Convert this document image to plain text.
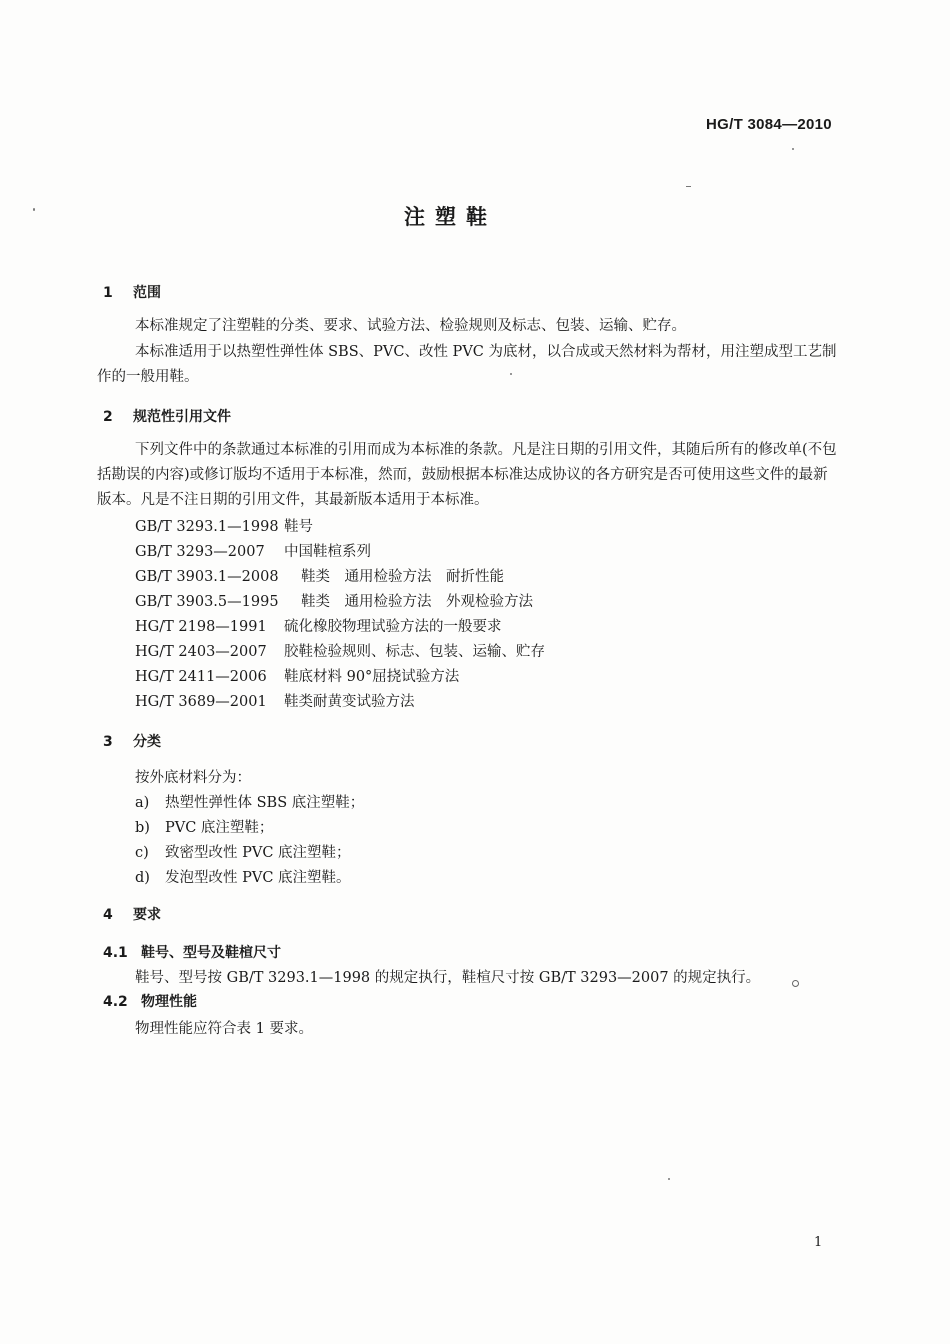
HG/T 3084—2010
注塑鞋
1 范围
本标准规定了注塑鞋的分类、要求、试验方法、检验规则及标志、包装、运输、贮存。
本标准适用于以热塑性弹性体 SBS、PVC、改性 PVC 为底材，以合成或天然材料为帮材，用注塑成型工艺制作的一般用鞋。
2 规范性引用文件
下列文件中的条款通过本标准的引用而成为本标准的条款。凡是注日期的引用文件，其随后所有的修改单(不包括勘误的内容)或修订版均不适用于本标准，然而，鼓励根据本标准达成协议的各方研究是否可使用这些文件的最新版本。凡是不注日期的引用文件，其最新版本适用于本标准。
GB/T 3293.1—1998 鞋号
GB/T 3293—2007 中国鞋楦系列
GB/T 3903.1—2008 鞋类　通用检验方法　耐折性能
GB/T 3903.5—1995 鞋类　通用检验方法　外观检验方法
HG/T 2198—1991 硫化橡胶物理试验方法的一般要求
HG/T 2403—2007 胶鞋检验规则、标志、包装、运输、贮存
HG/T 2411—2006 鞋底材料 90°屈挠试验方法
HG/T 3689—2001 鞋类耐黄变试验方法
3 分类
按外底材料分为：
a) 热塑性弹性体 SBS 底注塑鞋；
b) PVC 底注塑鞋；
c) 致密型改性 PVC 底注塑鞋；
d) 发泡型改性 PVC 底注塑鞋。
4 要求
4.1 鞋号、型号及鞋楦尺寸
鞋号、型号按 GB/T 3293.1—1998 的规定执行，鞋楦尺寸按 GB/T 3293—2007 的规定执行。
4.2 物理性能
物理性能应符合表 1 要求。
1
